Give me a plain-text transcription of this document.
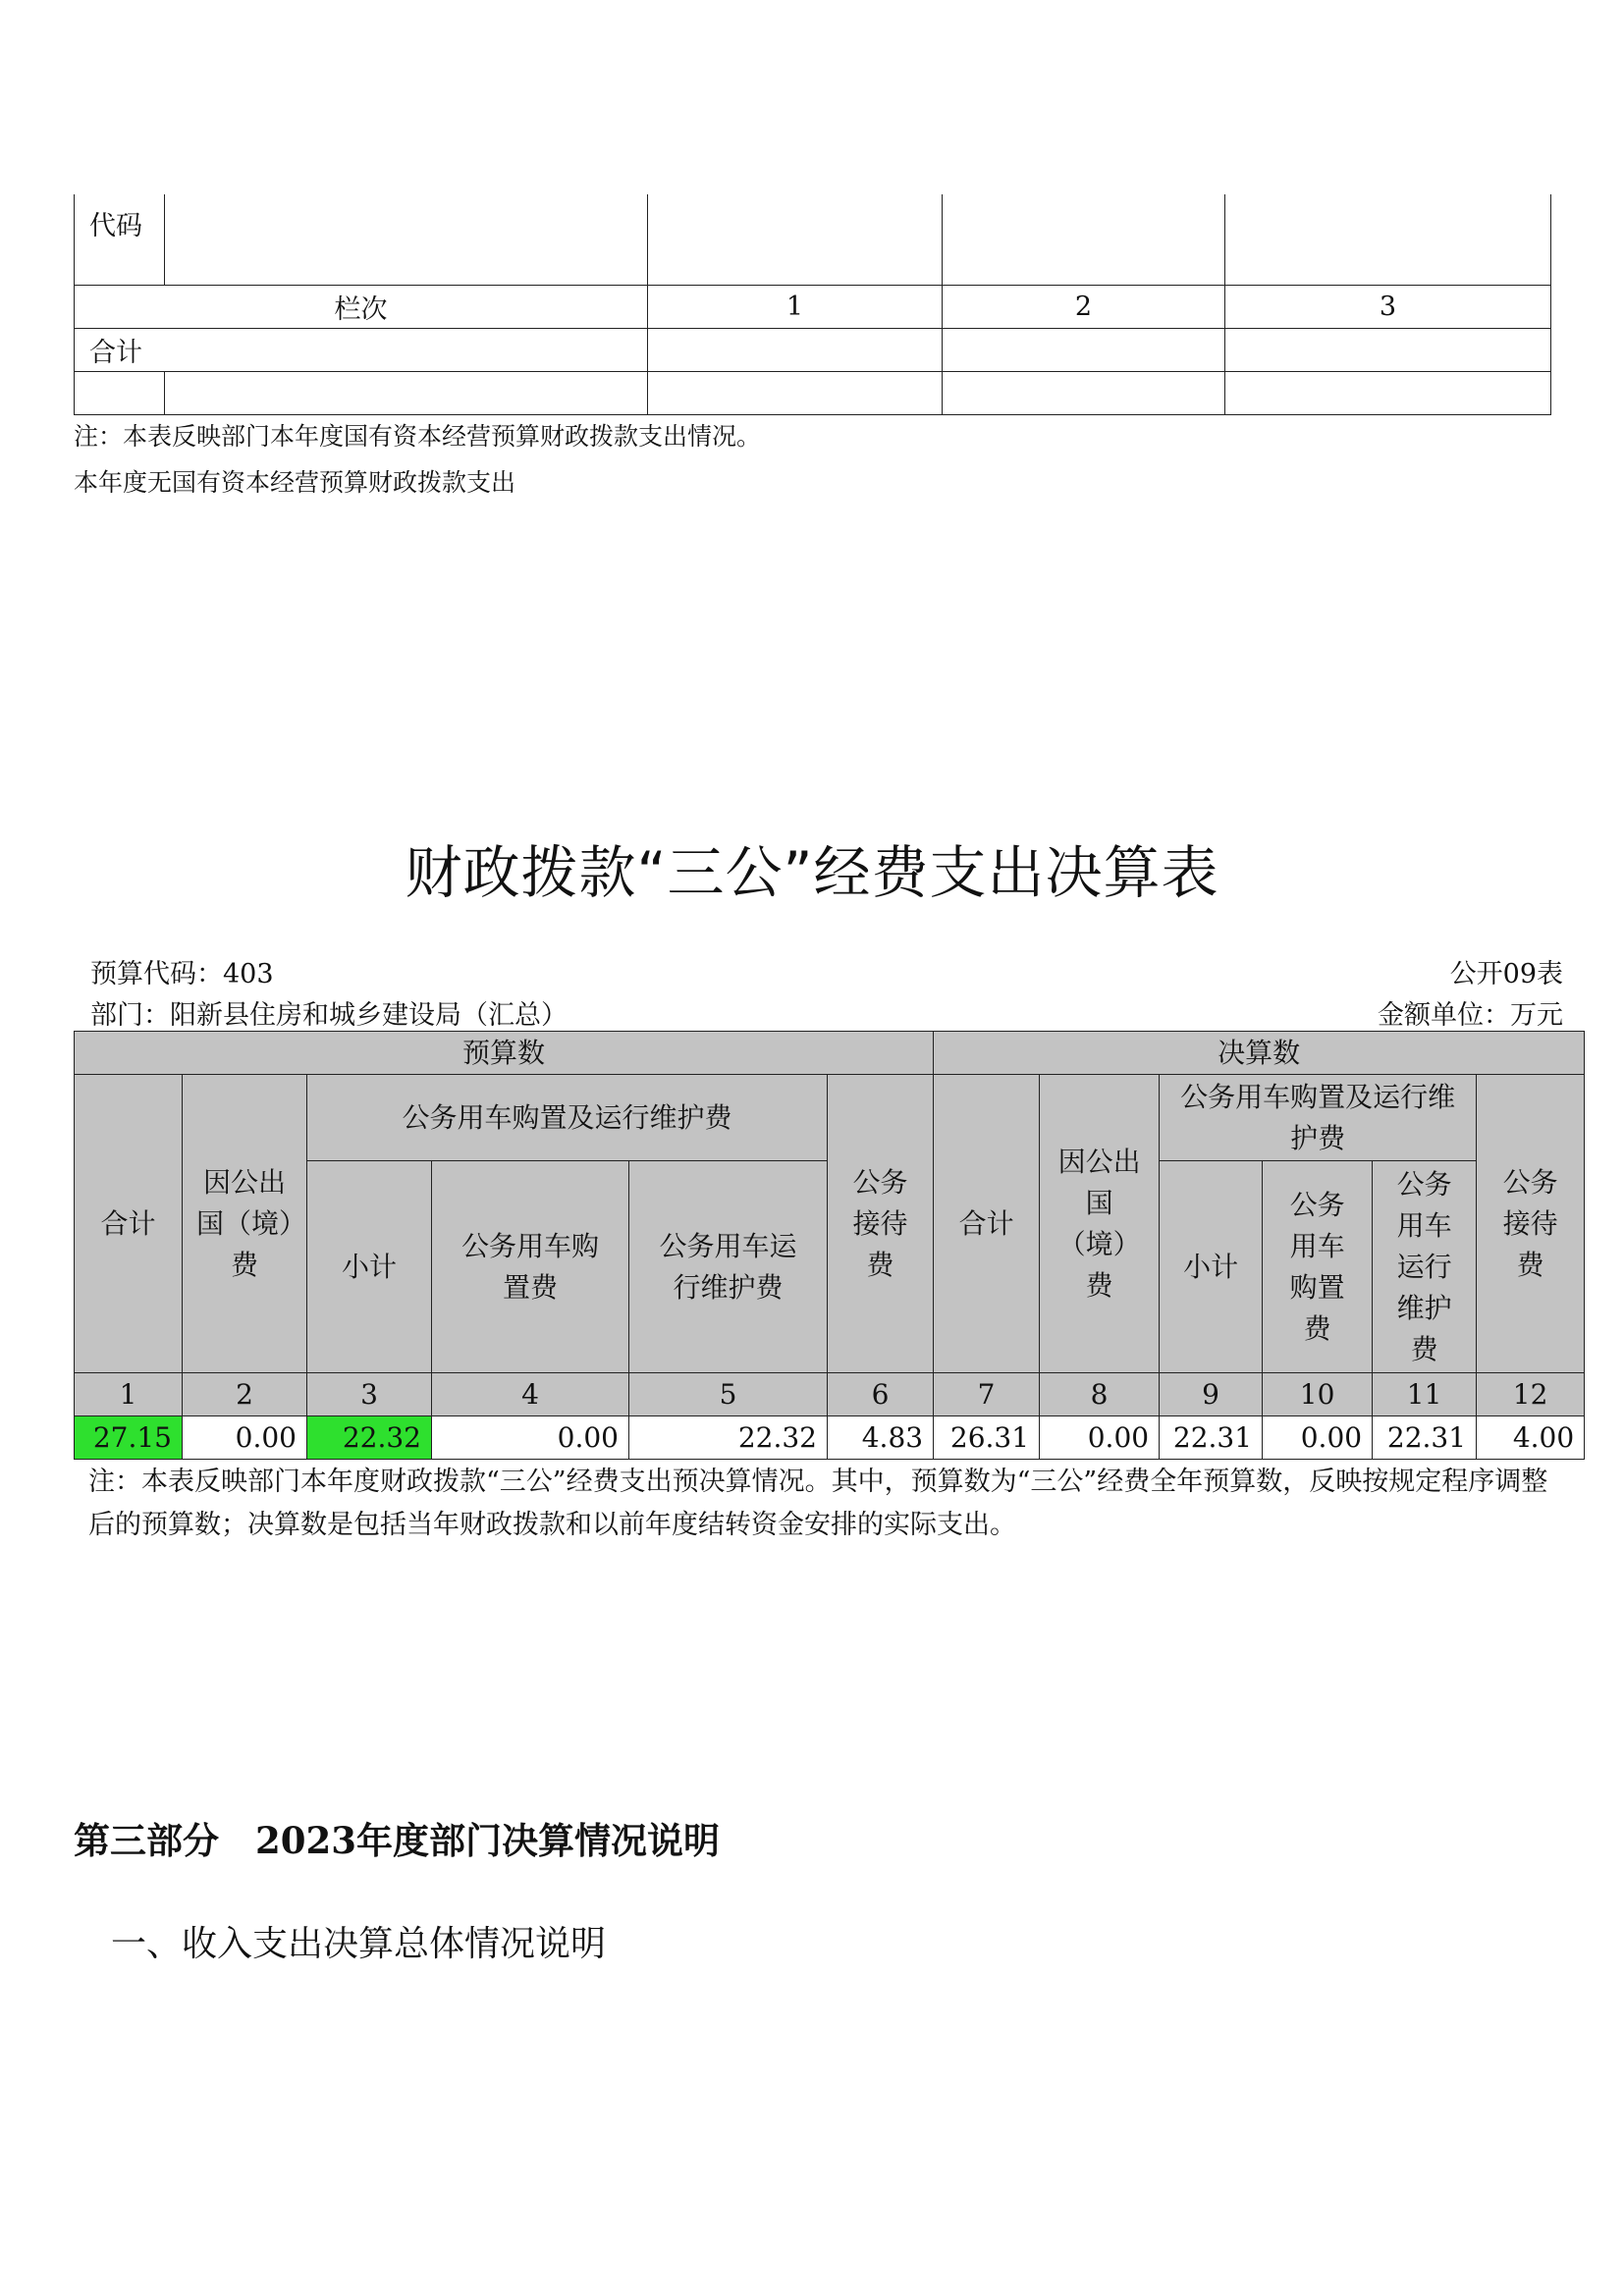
代码				
栏次		1	2	3
合计				

注：本表反映部门本年度国有资本经营预算财政拨款支出情况。
本年度无国有资本经营预算财政拨款支出
财政拨款“三公”经费支出决算表
预算代码：403	公开09表
部门：阳新县住房和城乡建设局（汇总）	金额单位：万元
预算数						决算数					
合计	因公出国（境）费	公务用车购置及运行维护费			公务接待费	合计	因公出国（境）费	公务用车购置及运行维护费			公务接待费
		小计	公务用车购置费	公务用车运行维护费				小计	公务用车购置费	公务用车运行维护费	
1	2	3	4	5	6	7	8	9	10	11	12
27.15	0.00	22.32	0.00	22.32	4.83	26.31	0.00	22.31	0.00	22.31	4.00
注：本表反映部门本年度财政拨款“三公”经费支出预决算情况。其中，预算数为“三公”经费全年预算数，反映按规定程序调整后的预算数；决算数是包括当年财政拨款和以前年度结转资金安排的实际支出。
第三部分　2023年度部门决算情况说明
一、收入支出决算总体情况说明
